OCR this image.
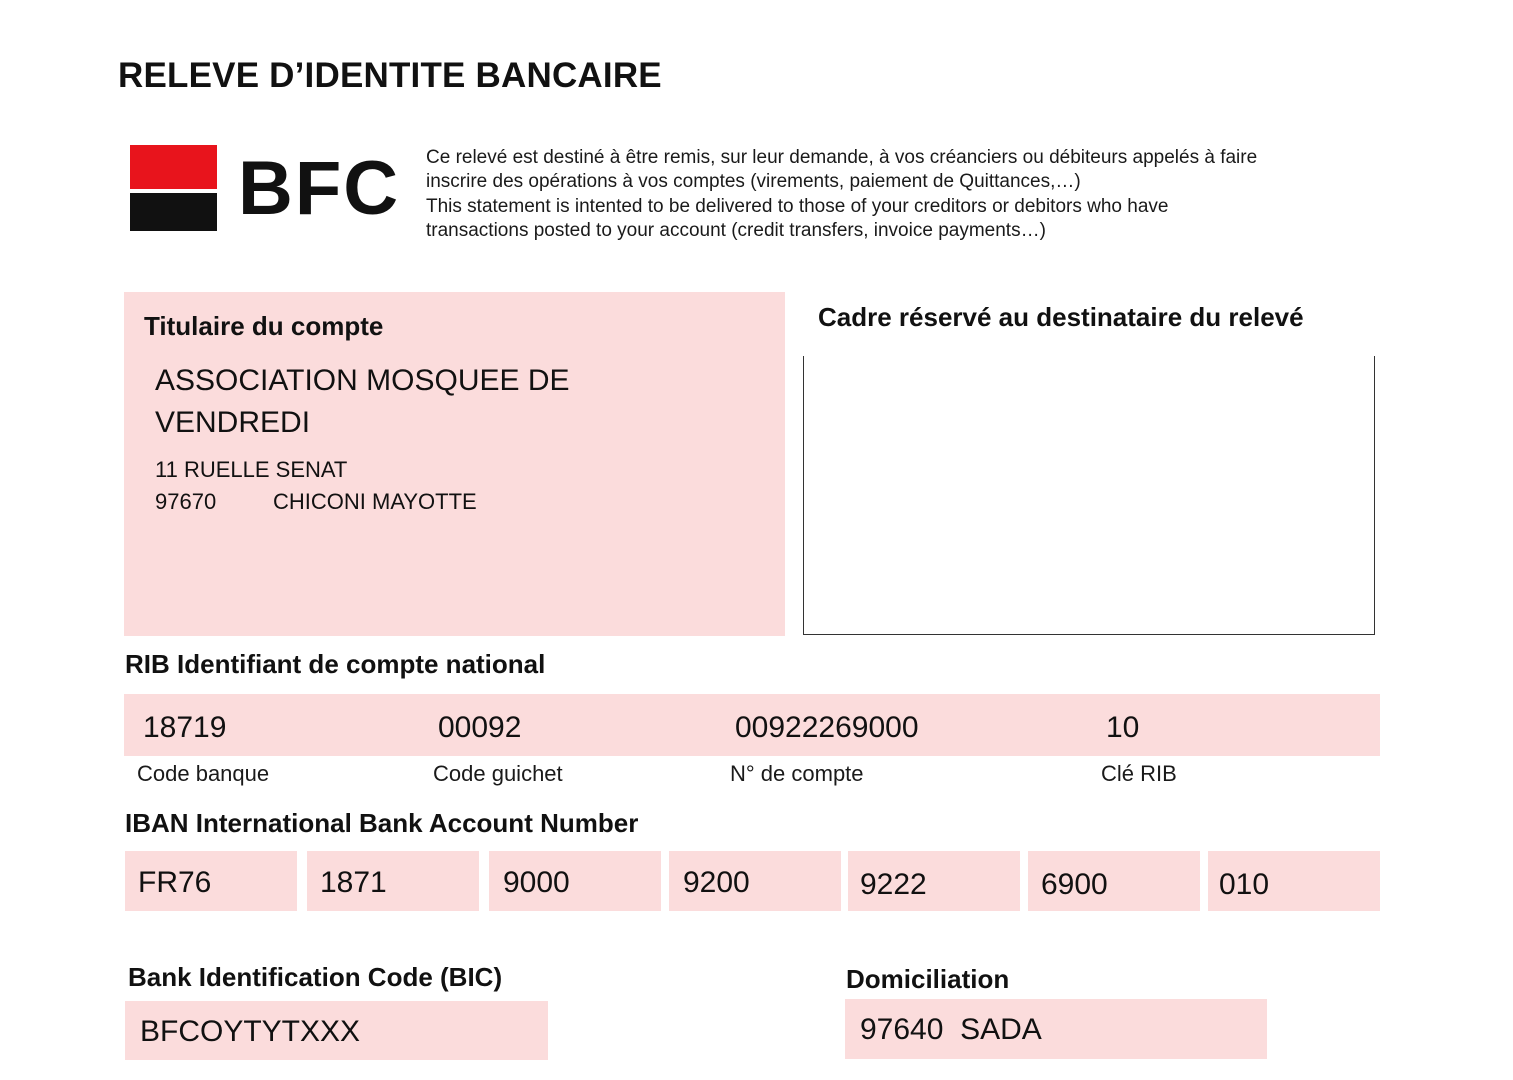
RELEVE D’IDENTITE BANCAIRE
BFC Ce relevé est destiné à être remis, sur leur demande, à vos créanciers ou débiteurs appelés à faire
inscrire des opérations à vos comptes (virements, paiement de Quittances,…)
This statement is intented to be delivered to those of your creditors or debitors who have
transactions posted to your account (credit transfers, invoice payments…)
Titulaire du compte
ASSOCIATION MOSQUEE DE
VENDREDI
11 RUELLE SENAT
97670	CHICONI MAYOTTE
Cadre réservé au destinataire du relevé
RIB Identifiant de compte national
18719	00092	00922269000	10
Code banque	Code guichet	N° de compte	Clé RIB
IBAN International Bank Account Number
FR76	1871	9000	9200	9222	6900	010
Bank Identification Code (BIC)
BFCOYTYTXXX
Domiciliation
97640  SADA
